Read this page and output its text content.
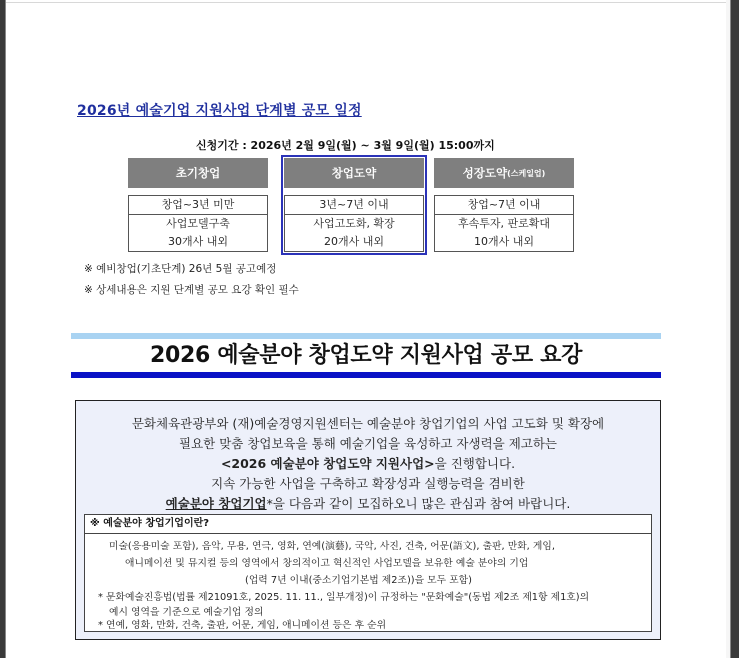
2026년 예술기업 지원사업 단계별 공모 일정
신청기간 : 2026년 2월 9일(월) ~ 3월 9일(월) 15:00까지
초기창업
창업~3년 미만
사업모델구축
30개사 내외
창업도약
3년~7년 이내
사업고도화, 확장
20개사 내외
성장도약 (스케일업)
창업~7년 이내
후속투자, 판로확대
10개사 내외
※ 예비창업(기초단계) 26년 5월 공고예정
※ 상세내용은 지원 단계별 공모 요강 확인 필수
2026 예술분야 창업도약 지원사업 공모 요강
문화체육관광부와 (재)예술경영지원센터는 예술분야 창업기업의 사업 고도화 및 확장에
필요한 맞춤 창업보육을 통해 예술기업을 육성하고 자생력을 제고하는
<2026 예술분야 창업도약 지원사업>을 진행합니다.
지속 가능한 사업을 구축하고 확장성과 실행능력을 겸비한
예술분야 창업기업*을 다음과 같이 모집하오니 많은 관심과 참여 바랍니다.
※ 예술분야 창업기업이란?
미술(응용미술 포함), 음악, 무용, 연극, 영화, 연예(演藝), 국악, 사진, 건축, 어문(語文), 출판, 만화, 게임,
애니메이션 및 뮤지컬 등의 영역에서 창의적이고 혁신적인 사업모델을 보유한 예술 분야의 기업
(업력 7년 이내(중소기업기본법 제2조))을 모두 포함)
* 문화예술진흥법(법률 제21091호, 2025. 11. 11., 일부개정)이 규정하는 "문화예술"(동법 제2조 제1항 제1호)의
예시 영역을 기준으로 예술기업 정의
* 연예, 영화, 만화, 건축, 출판, 어문, 게임, 애니메이션 등은 후 순위
